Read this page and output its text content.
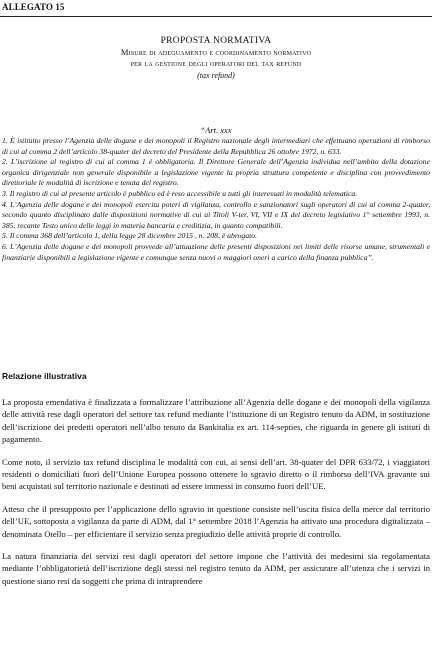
ALLEGATO 15
PROPOSTA NORMATIVA
Misure di adeguamento e coordinamento normativo
per la gestione degli operatori del tax refund
(tax refund)
“Art. xxx

1. È istituito presso l’Agenzia delle dogane e dei monopoli il Registro nazionale degli intermediari che effettuano operazioni di rimborso di cui al comma 2 dell’articolo 38-quater del decreto del Presidente della Repubblica 26 ottobre 1972, n. 633.

2. L’iscrizione al registro di cui al comma 1 è obbligatoria. Il Direttore Generale dell’Agenzia individua nell’ambito della dotazione organica dirigenziale non generale disponibile a legislazione vigente la propria struttura competente e disciplina con provvedimento direttoriale le modalità di iscrizione e tenuta del registro.

3. Il registro di cui al presente articolo è pubblico ed è reso accessibile a tutti gli interessati in modalità telematica.

4. L’Agenzia delle dogane e dei monopoli esercita poteri di vigilanza, controllo e sanzionatori sugli operatori di cui al comma 2-quater, secondo quanto disciplinato dalle disposizioni normative di cui ai Titoli V-ter, VI, VII e IX del decreto legislativo 1° settembre 1993, n. 385, recante Testo unico delle leggi in materia bancaria e creditizia, in quanto compatibili.

5. Il comma 368 dell’articolo 1, della legge 28 dicembre 2015 , n. 208, è abrogato.

6. L’Agenzia delle dogane e dei monopoli provvede all’attuazione delle presenti disposizioni nei limiti delle risorse umane, strumentali e finanziarie disponibili a legislazione vigente e comunque senza nuovi o maggiori oneri a carico della finanza pubblica”.

Relazione illustrativa

La proposta emendativa è finalizzata a formalizzare l’attribuzione all’Agenzia delle dogane e dei monopoli della vigilanza delle attività rese dagli operatori del settore tax refund mediante l’istituzione di un Registro tenuto da ADM, in sostituzione dell’iscrizione dei predetti operatori nell’albo tenuto da Bankitalia ex art. 114-septies, che riguarda in genere gli istituti di pagamento.

Come noto, il servizio tax refund disciplina le modalità con cui, ai sensi dell’art. 38-quater del DPR 633/72, i viaggiatori residenti o domiciliati fuori dell’Unione Europea possono ottenere lo sgravio diretto o il rimborso dell’IVA gravante sui beni acquistati sul territorio nazionale e destinati ad essere immessi in consumo fuori dell’UE.

Atteso che il presupposto per l’applicazione dello sgravio in questione consiste nell’uscita fisica della merce dal territorio dell’UE, sottoposta a vigilanza da parte di ADM, dal 1° settembre 2018 l’Agenzia ha attivato una procedura digitalizzata – denominata Otello – per efficientare il servizio senza pregiudizio delle attività proprie di controllo.

La natura finanziaria dei servizi resi dagli operatori del settore impone che l’attività dei medesimi sia regolamentata mediante l’obbligatorietà dell’iscrizione degli stessi nel registro tenuto da ADM, per assicurare all’utenza che i servizi in questione siano resi da soggetti che prima di intraprendere
